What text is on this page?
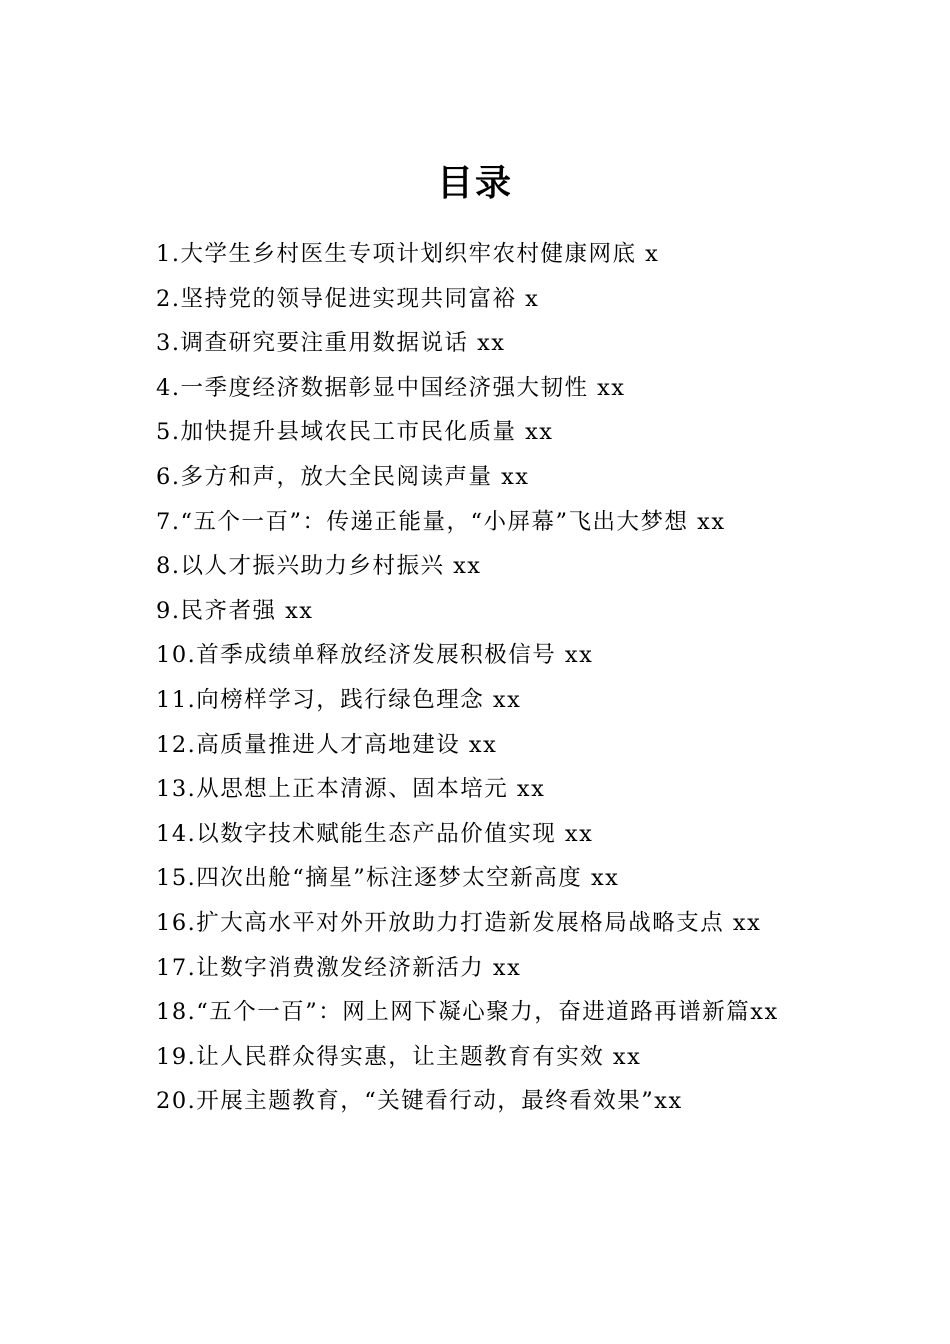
目录
1.大学生乡村医生专项计划织牢农村健康网底 x
2.坚持党的领导促进实现共同富裕 x
3.调查研究要注重用数据说话 xx
4.一季度经济数据彰显中国经济强大韧性 xx
5.加快提升县域农民工市民化质量 xx
6.多方和声，放大全民阅读声量 xx
7.“五个一百”：传递正能量，“小屏幕”飞出大梦想 xx
8.以人才振兴助力乡村振兴 xx
9.民齐者强 xx
10.首季成绩单释放经济发展积极信号 xx
11.向榜样学习，践行绿色理念 xx
12.高质量推进人才高地建设 xx
13.从思想上正本清源、固本培元 xx
14.以数字技术赋能生态产品价值实现 xx
15.四次出舱“摘星”标注逐梦太空新高度 xx
16.扩大高水平对外开放助力打造新发展格局战略支点 xx
17.让数字消费激发经济新活力 xx
18.“五个一百”：网上网下凝心聚力，奋进道路再谱新篇xx
19.让人民群众得实惠，让主题教育有实效 xx
20.开展主题教育，“关键看行动，最终看效果”xx
